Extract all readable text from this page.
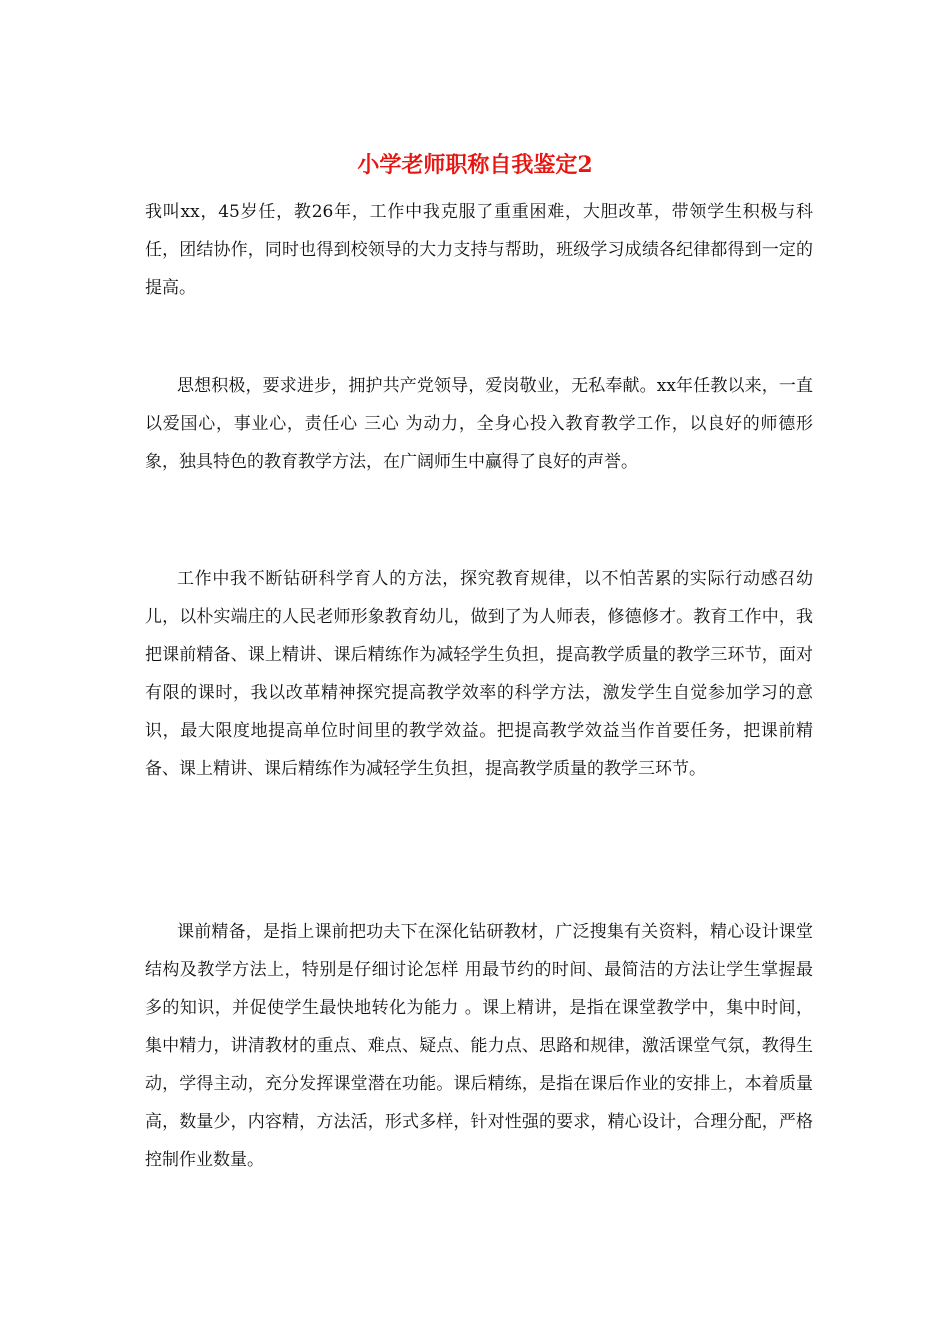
小学老师职称自我鉴定2

我叫xx，45岁任，教26年，工作中我克服了重重困难，大胆改革，带领学生积极与科任，团结协作，同时也得到校领导的大力支持与帮助，班级学习成绩各纪律都得到一定的提高。

思想积极，要求进步，拥护共产党领导，爱岗敬业，无私奉献。xx年任教以来，一直以爱国心，事业心，责任心 三心 为动力，全身心投入教育教学工作，以良好的师德形象，独具特色的教育教学方法，在广阔师生中赢得了良好的声誉。

工作中我不断钻研科学育人的方法，探究教育规律，以不怕苦累的实际行动感召幼儿，以朴实端庄的人民老师形象教育幼儿，做到了为人师表，修德修才。教育工作中，我把课前精备、课上精讲、课后精练作为减轻学生负担，提高教学质量的教学三环节，面对有限的课时，我以改革精神探究提高教学效率的科学方法，激发学生自觉参加学习的意识，最大限度地提高单位时间里的教学效益。把提高教学效益当作首要任务，把课前精备、课上精讲、课后精练作为减轻学生负担，提高教学质量的教学三环节。

课前精备，是指上课前把功夫下在深化钻研教材，广泛搜集有关资料，精心设计课堂结构及教学方法上，特别是仔细讨论怎样 用最节约的时间、最简洁的方法让学生掌握最多的知识，并促使学生最快地转化为能力 。课上精讲，是指在课堂教学中，集中时间，集中精力，讲清教材的重点、难点、疑点、能力点、思路和规律，激活课堂气氛，教得生动，学得主动，充分发挥课堂潜在功能。课后精练，是指在课后作业的安排上，本着质量高，数量少，内容精，方法活，形式多样，针对性强的要求，精心设计，合理分配，严格控制作业数量。
